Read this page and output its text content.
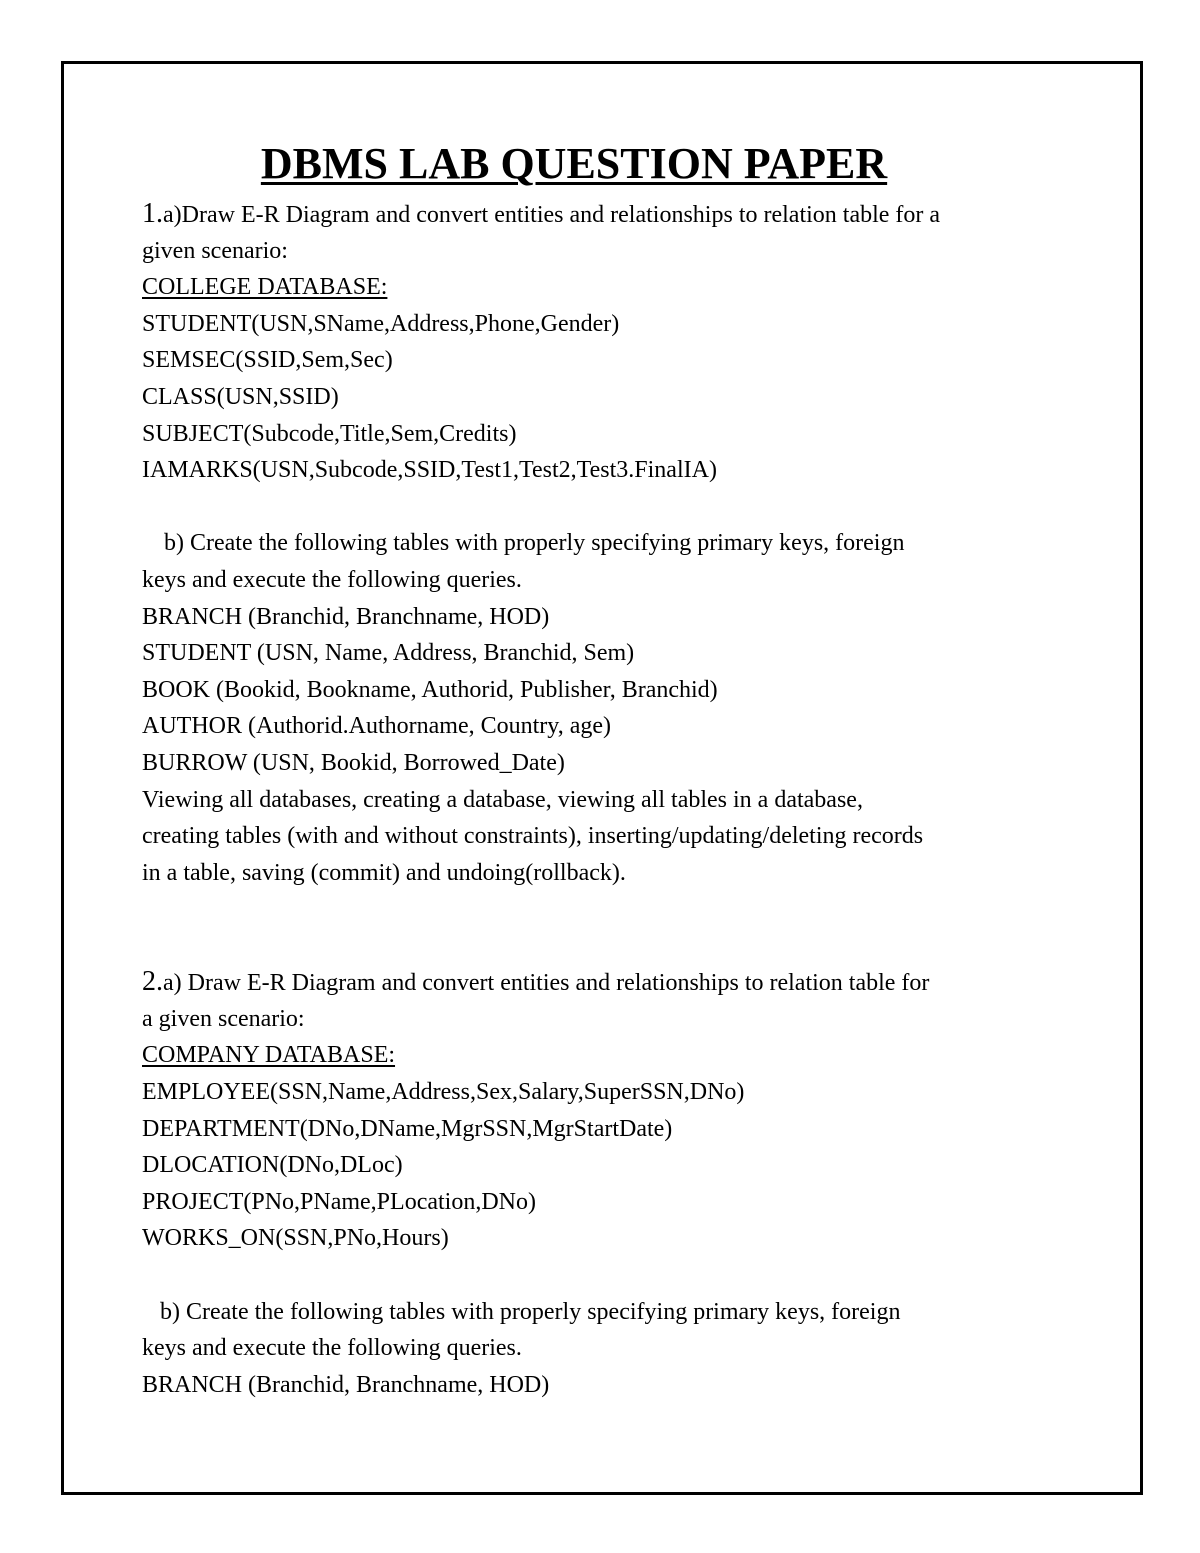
DBMS LAB QUESTION PAPER
1.a)Draw E-R Diagram and convert entities and relationships to relation table for a
given scenario:
COLLEGE DATABASE:
STUDENT(USN,SName,Address,Phone,Gender)
SEMSEC(SSID,Sem,Sec)
CLASS(USN,SSID)
SUBJECT(Subcode,Title,Sem,Credits)
IAMARKS(USN,Subcode,SSID,Test1,Test2,Test3.FinalIA)
b) Create the following tables with properly specifying primary keys, foreign
keys and execute the following queries.
BRANCH (Branchid, Branchname, HOD)
STUDENT (USN, Name, Address, Branchid, Sem)
BOOK (Bookid, Bookname, Authorid, Publisher, Branchid)
AUTHOR (Authorid.Authorname, Country, age)
BURROW (USN, Bookid, Borrowed_Date)
Viewing all databases, creating a database, viewing all tables in a database,
creating tables (with and without constraints), inserting/updating/deleting records
in a table, saving (commit) and undoing(rollback).
2.a) Draw E-R Diagram and convert entities and relationships to relation table for
a given scenario:
COMPANY DATABASE:
EMPLOYEE(SSN,Name,Address,Sex,Salary,SuperSSN,DNo)
DEPARTMENT(DNo,DName,MgrSSN,MgrStartDate)
DLOCATION(DNo,DLoc)
PROJECT(PNo,PName,PLocation,DNo)
WORKS_ON(SSN,PNo,Hours)
b) Create the following tables with properly specifying primary keys, foreign
keys and execute the following queries.
BRANCH (Branchid, Branchname, HOD)
